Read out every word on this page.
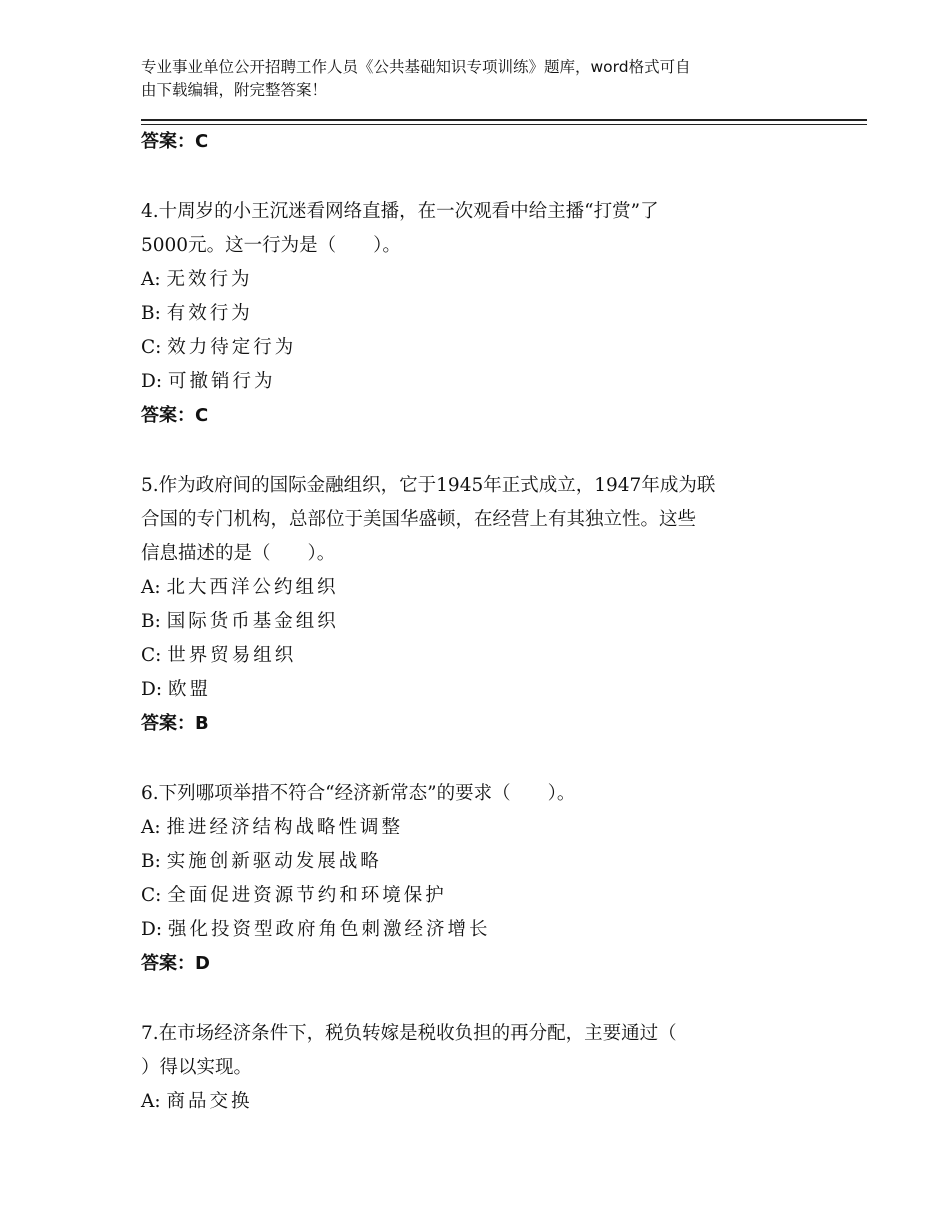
专业事业单位公开招聘工作人员《公共基础知识专项训练》题库，word格式可自
由下载编辑，附完整答案！
答案：C
4.十周岁的小王沉迷看网络直播，在一次观看中给主播“打赏”了
5000元。这一行为是（　　）。
A: 无效行为
B: 有效行为
C: 效力待定行为
D: 可撤销行为
答案：C
5.作为政府间的国际金融组织，它于1945年正式成立，1947年成为联
合国的专门机构，总部位于美国华盛顿，在经营上有其独立性。这些
信息描述的是（　　）。
A: 北大西洋公约组织
B: 国际货币基金组织
C: 世界贸易组织
D: 欧盟
答案：B
6.下列哪项举措不符合“经济新常态”的要求（　　）。
A: 推进经济结构战略性调整
B: 实施创新驱动发展战略
C: 全面促进资源节约和环境保护
D: 强化投资型政府角色刺激经济增长
答案：D
7.在市场经济条件下，税负转嫁是税收负担的再分配，主要通过（
）得以实现。
A: 商品交换
